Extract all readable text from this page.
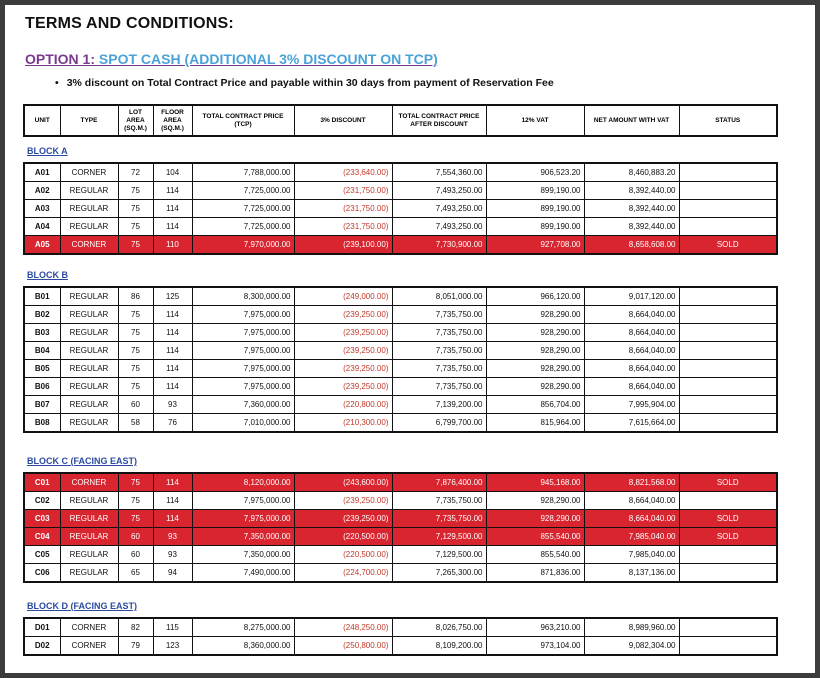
TERMS AND CONDITIONS:
OPTION 1: SPOT CASH (ADDITIONAL 3% DISCOUNT ON TCP)
• 3% discount on Total Contract Price and payable within 30 days from payment of Reservation Fee
UNIT	TYPE	LOT AREA (SQ.M.)	FLOOR AREA (SQ.M.)	TOTAL CONTRACT PRICE (TCP)	3% DISCOUNT	TOTAL CONTRACT PRICE AFTER DISCOUNT	12% VAT	NET AMOUNT WITH VAT	STATUS
BLOCK A
A01	CORNER	72	104	7,788,000.00	(233,640.00)	7,554,360.00	906,523.20	8,460,883.20	
A02	REGULAR	75	114	7,725,000.00	(231,750.00)	7,493,250.00	899,190.00	8,392,440.00	
A03	REGULAR	75	114	7,725,000.00	(231,750.00)	7,493,250.00	899,190.00	8,392,440.00	
A04	REGULAR	75	114	7,725,000.00	(231,750.00)	7,493,250.00	899,190.00	8,392,440.00	
A05	CORNER	75	110	7,970,000.00	(239,100.00)	7,730,900.00	927,708.00	8,658,608.00	SOLD
BLOCK B
B01	REGULAR	86	125	8,300,000.00	(249,000.00)	8,051,000.00	966,120.00	9,017,120.00	
B02	REGULAR	75	114	7,975,000.00	(239,250.00)	7,735,750.00	928,290.00	8,664,040.00	
B03	REGULAR	75	114	7,975,000.00	(239,250.00)	7,735,750.00	928,290.00	8,664,040.00	
B04	REGULAR	75	114	7,975,000.00	(239,250.00)	7,735,750.00	928,290.00	8,664,040.00	
B05	REGULAR	75	114	7,975,000.00	(239,250.00)	7,735,750.00	928,290.00	8,664,040.00	
B06	REGULAR	75	114	7,975,000.00	(239,250.00)	7,735,750.00	928,290.00	8,664,040.00	
B07	REGULAR	60	93	7,360,000.00	(220,800.00)	7,139,200.00	856,704.00	7,995,904.00	
B08	REGULAR	58	76	7,010,000.00	(210,300.00)	6,799,700.00	815,964.00	7,615,664.00	
BLOCK C (FACING EAST)
C01	CORNER	75	114	8,120,000.00	(243,600.00)	7,876,400.00	945,168.00	8,821,568.00	SOLD
C02	REGULAR	75	114	7,975,000.00	(239,250.00)	7,735,750.00	928,290.00	8,664,040.00	
C03	REGULAR	75	114	7,975,000.00	(239,250.00)	7,735,750.00	928,290.00	8,664,040.00	SOLD
C04	REGULAR	60	93	7,350,000.00	(220,500.00)	7,129,500.00	855,540.00	7,985,040.00	SOLD
C05	REGULAR	60	93	7,350,000.00	(220,500.00)	7,129,500.00	855,540.00	7,985,040.00	
C06	REGULAR	65	94	7,490,000.00	(224,700.00)	7,265,300.00	871,836.00	8,137,136.00	
BLOCK D (FACING EAST)
D01	CORNER	82	115	8,275,000.00	(248,250.00)	8,026,750.00	963,210.00	8,989,960.00	
D02	CORNER	79	123	8,360,000.00	(250,800.00)	8,109,200.00	973,104.00	9,082,304.00	
